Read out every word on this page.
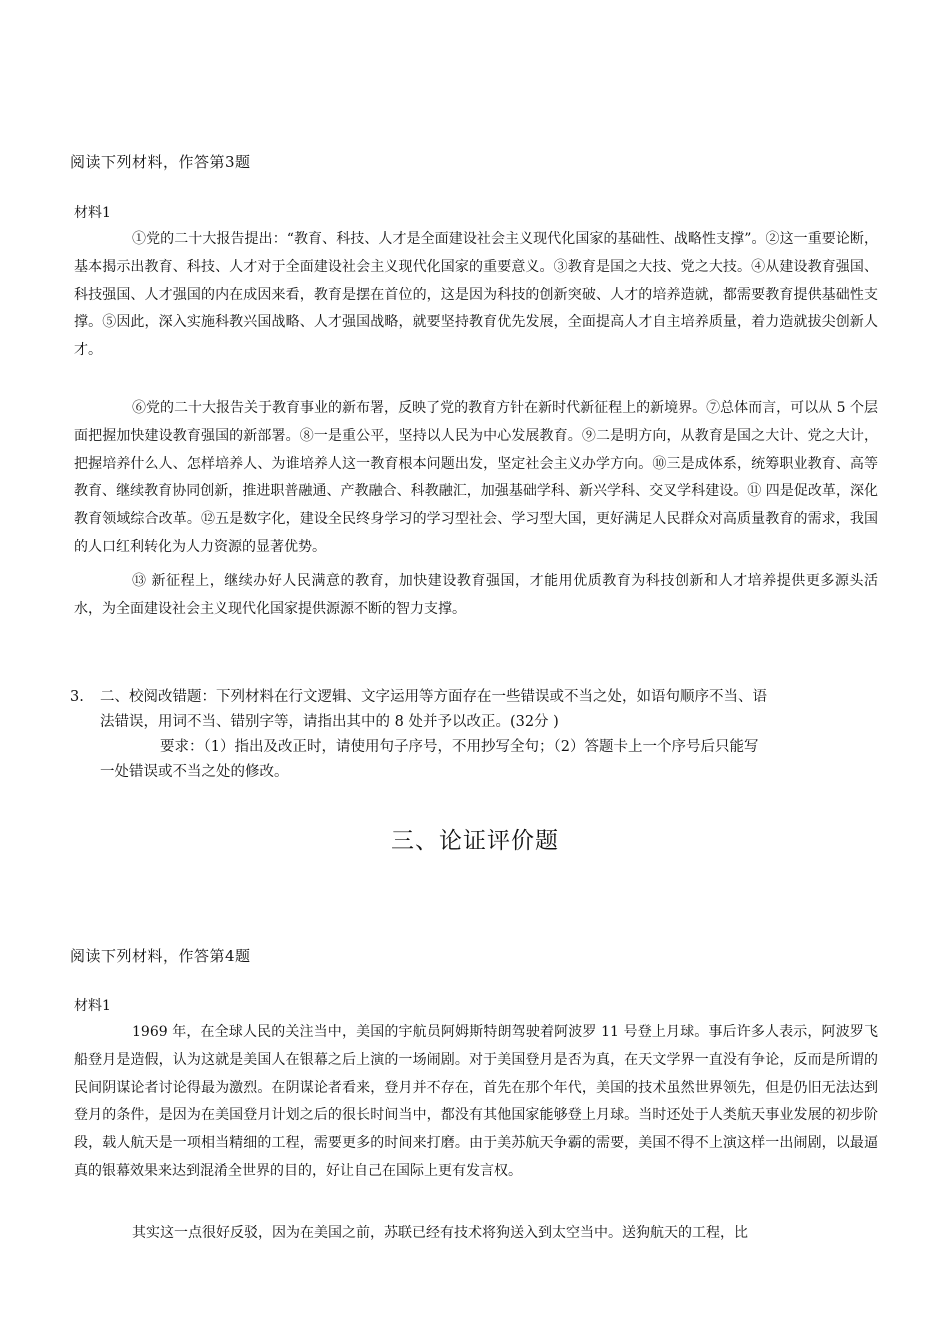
阅读下列材料，作答第3题
材料1

①党的二十大报告提出：“教育、科技、人才是全面建设社会主义现代化国家的基础性、战略性支撑”。②这一重要论断，基本揭示出教育、科技、人才对于全面建设社会主义现代化国家的重要意义。③教育是国之大技、党之大技。④从建设教育强国、科技强国、人才强国的内在成因来看，教育是摆在首位的，这是因为科技的创新突破、人才的培养造就，都需要教育提供基础性支撑。⑤因此，深入实施科教兴国战略、人才强国战略，就要坚持教育优先发展，全面提高人才自主培养质量，着力造就拔尖创新人才。

⑥党的二十大报告关于教育事业的新布署，反映了党的教育方针在新时代新征程上的新境界。⑦总体而言，可以从 5 个层面把握加快建设教育强国的新部署。⑧一是重公平，坚持以人民为中心发展教育。⑨二是明方向，从教育是国之大计、党之大计，把握培养什么人、怎样培养人、为谁培养人这一教育根本问题出发，坚定社会主义办学方向。⑩三是成体系，统筹职业教育、高等教育、继续教育协同创新，推进职普融通、产教融合、科教融汇，加强基础学科、新兴学科、交叉学科建设。⑪ 四是促改革，深化教育领域综合改革。⑫五是数字化，建设全民终身学习的学习型社会、学习型大国，更好满足人民群众对高质量教育的需求，我国的人口红利转化为人力资源的显著优势。

⑬ 新征程上，继续办好人民满意的教育，加快建设教育强国，才能用优质教育为科技创新和人才培养提供更多源头活水，为全面建设社会主义现代化国家提供源源不断的智力支撑。

3.	二、校阅改错题：下列材料在行文逻辑、文字运用等方面存在一些错误或不当之处，如语句顺序不当、语
法错误，用词不当、错别字等，请指出其中的 8 处并予以改正。(32分 )
要求：（1）指出及改正时，请使用句子序号，不用抄写全句；（2）答题卡上一个序号后只能写
一处错误或不当之处的修改。
三、论证评价题
阅读下列材料，作答第4题
材料1

1969 年，在全球人民的关注当中，美国的宇航员阿姆斯特朗驾驶着阿波罗 11 号登上月球。事后许多人表示，阿波罗飞船登月是造假，认为这就是美国人在银幕之后上演的一场闹剧。对于美国登月是否为真，在天文学界一直没有争论，反而是所谓的民间阴谋论者讨论得最为激烈。在阴谋论者看来，登月并不存在，首先在那个年代，美国的技术虽然世界领先，但是仍旧无法达到登月的条件，是因为在美国登月计划之后的很长时间当中，都没有其他国家能够登上月球。当时还处于人类航天事业发展的初步阶段，载人航天是一项相当精细的工程，需要更多的时间来打磨。由于美苏航天争霸的需要，美国不得不上演这样一出闹剧，以最逼真的银幕效果来达到混淆全世界的目的，好让自己在国际上更有发言权。

其实这一点很好反驳，因为在美国之前，苏联已经有技术将狗送入到太空当中。送狗航天的工程，比
